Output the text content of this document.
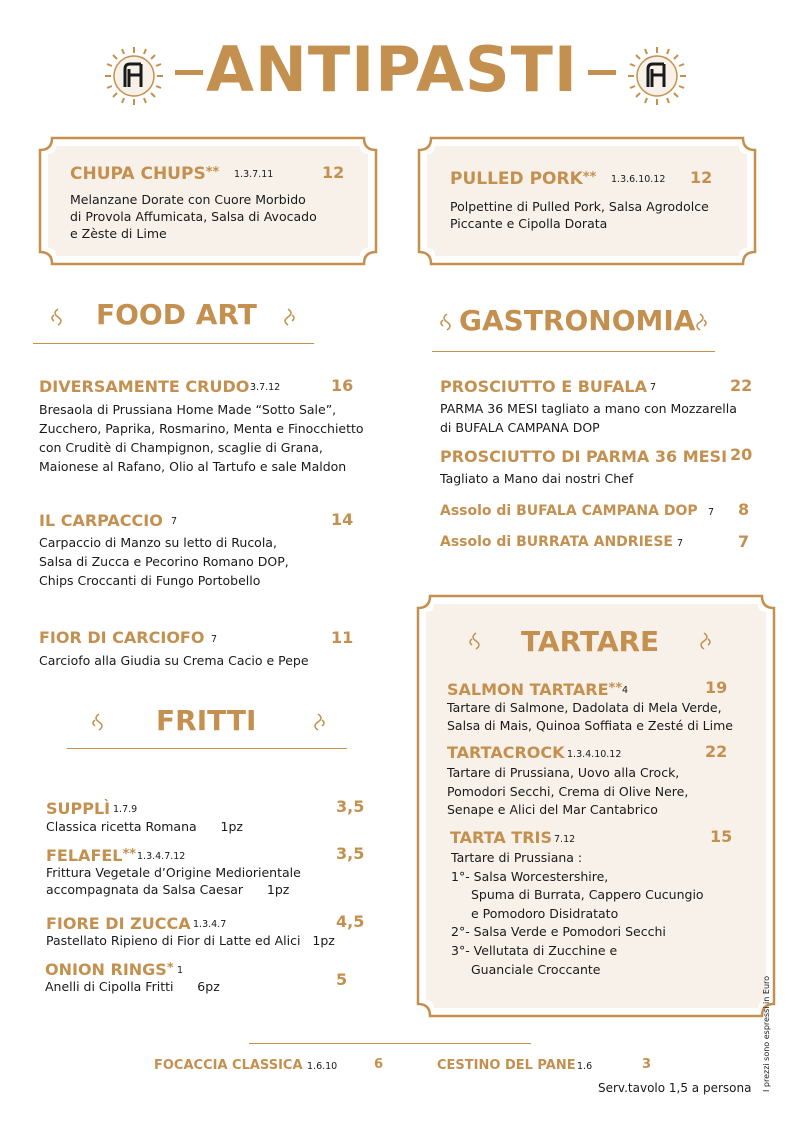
ANTIPASTI
CHUPA CHUPS** 1.3.7.11	12
Melanzane Dorate con Cuore Morbido
di Provola Affumicata, Salsa di Avocado
e Zèste di Lime
PULLED PORK** 1.3.6.10.12 12
Polpettine di Pulled Pork, Salsa Agrodolce
Piccante e Cipolla Dorata
FOOD ART
DIVERSAMENTE CRUDO 3.7.12	16
Bresaola di Prussiana Home Made “Sotto Sale”,
Zucchero, Paprika, Rosmarino, Menta e Finocchietto
con Cruditè di Champignon, scaglie di Grana,
Maionese al Rafano, Olio al Tartufo e sale Maldon
IL CARPACCIO 7	14
Carpaccio di Manzo su letto di Rucola,
Salsa di Zucca e Pecorino Romano DOP,
Chips Croccanti di Fungo Portobello
FIOR DI CARCIOFO 7	11
Carciofo alla Giudia su Crema Cacio e Pepe
FRITTI
SUPPLÌ 1.7.9	3,5
Classica ricetta Romana      1pz
FELAFEL** 1.3.4.7.12	3,5
Frittura Vegetale d’Origine Mediorientale
accompagnata da Salsa Caesar      1pz
FIORE DI ZUCCA 1.3.4.7	4,5
Pastellato Ripieno di Fior di Latte ed Alici   1pz
ONION RINGS* 1	5
Anelli di Cipolla Fritti      6pz
GASTRONOMIA
PROSCIUTTO E BUFALA 7	22
PARMA 36 MESI tagliato a mano con Mozzarella
di BUFALA CAMPANA DOP
PROSCIUTTO DI PARMA 36 MESI 20
Tagliato a Mano dai nostri Chef
Assolo di BUFALA CAMPANA DOP 7 8
Assolo di BURRATA ANDRIESE 7	7
TARTARE
SALMON TARTARE** 4	19
Tartare di Salmone, Dadolata di Mela Verde,
Salsa di Mais, Quinoa Soffiata e Zesté di Lime
TARTACROCK 1.3.4.10.12	22
Tartare di Prussiana, Uovo alla Crock,
Pomodori Secchi, Crema di Olive Nere,
Senape e Alici del Mar Cantabrico
TARTA TRIS 7.12	15
Tartare di Prussiana :
1°- Salsa Worcestershire,
Spuma di Burrata, Cappero Cucungio
e Pomodoro Disidratato
2°- Salsa Verde e Pomodori Secchi
3°- Vellutata di Zucchine e
Guanciale Croccante
FOCACCIA CLASSICA 1.6.10	6	CESTINO DEL PANE 1.6	3
Serv.tavolo 1,5 a persona I prezzi sono espressi in Euro
